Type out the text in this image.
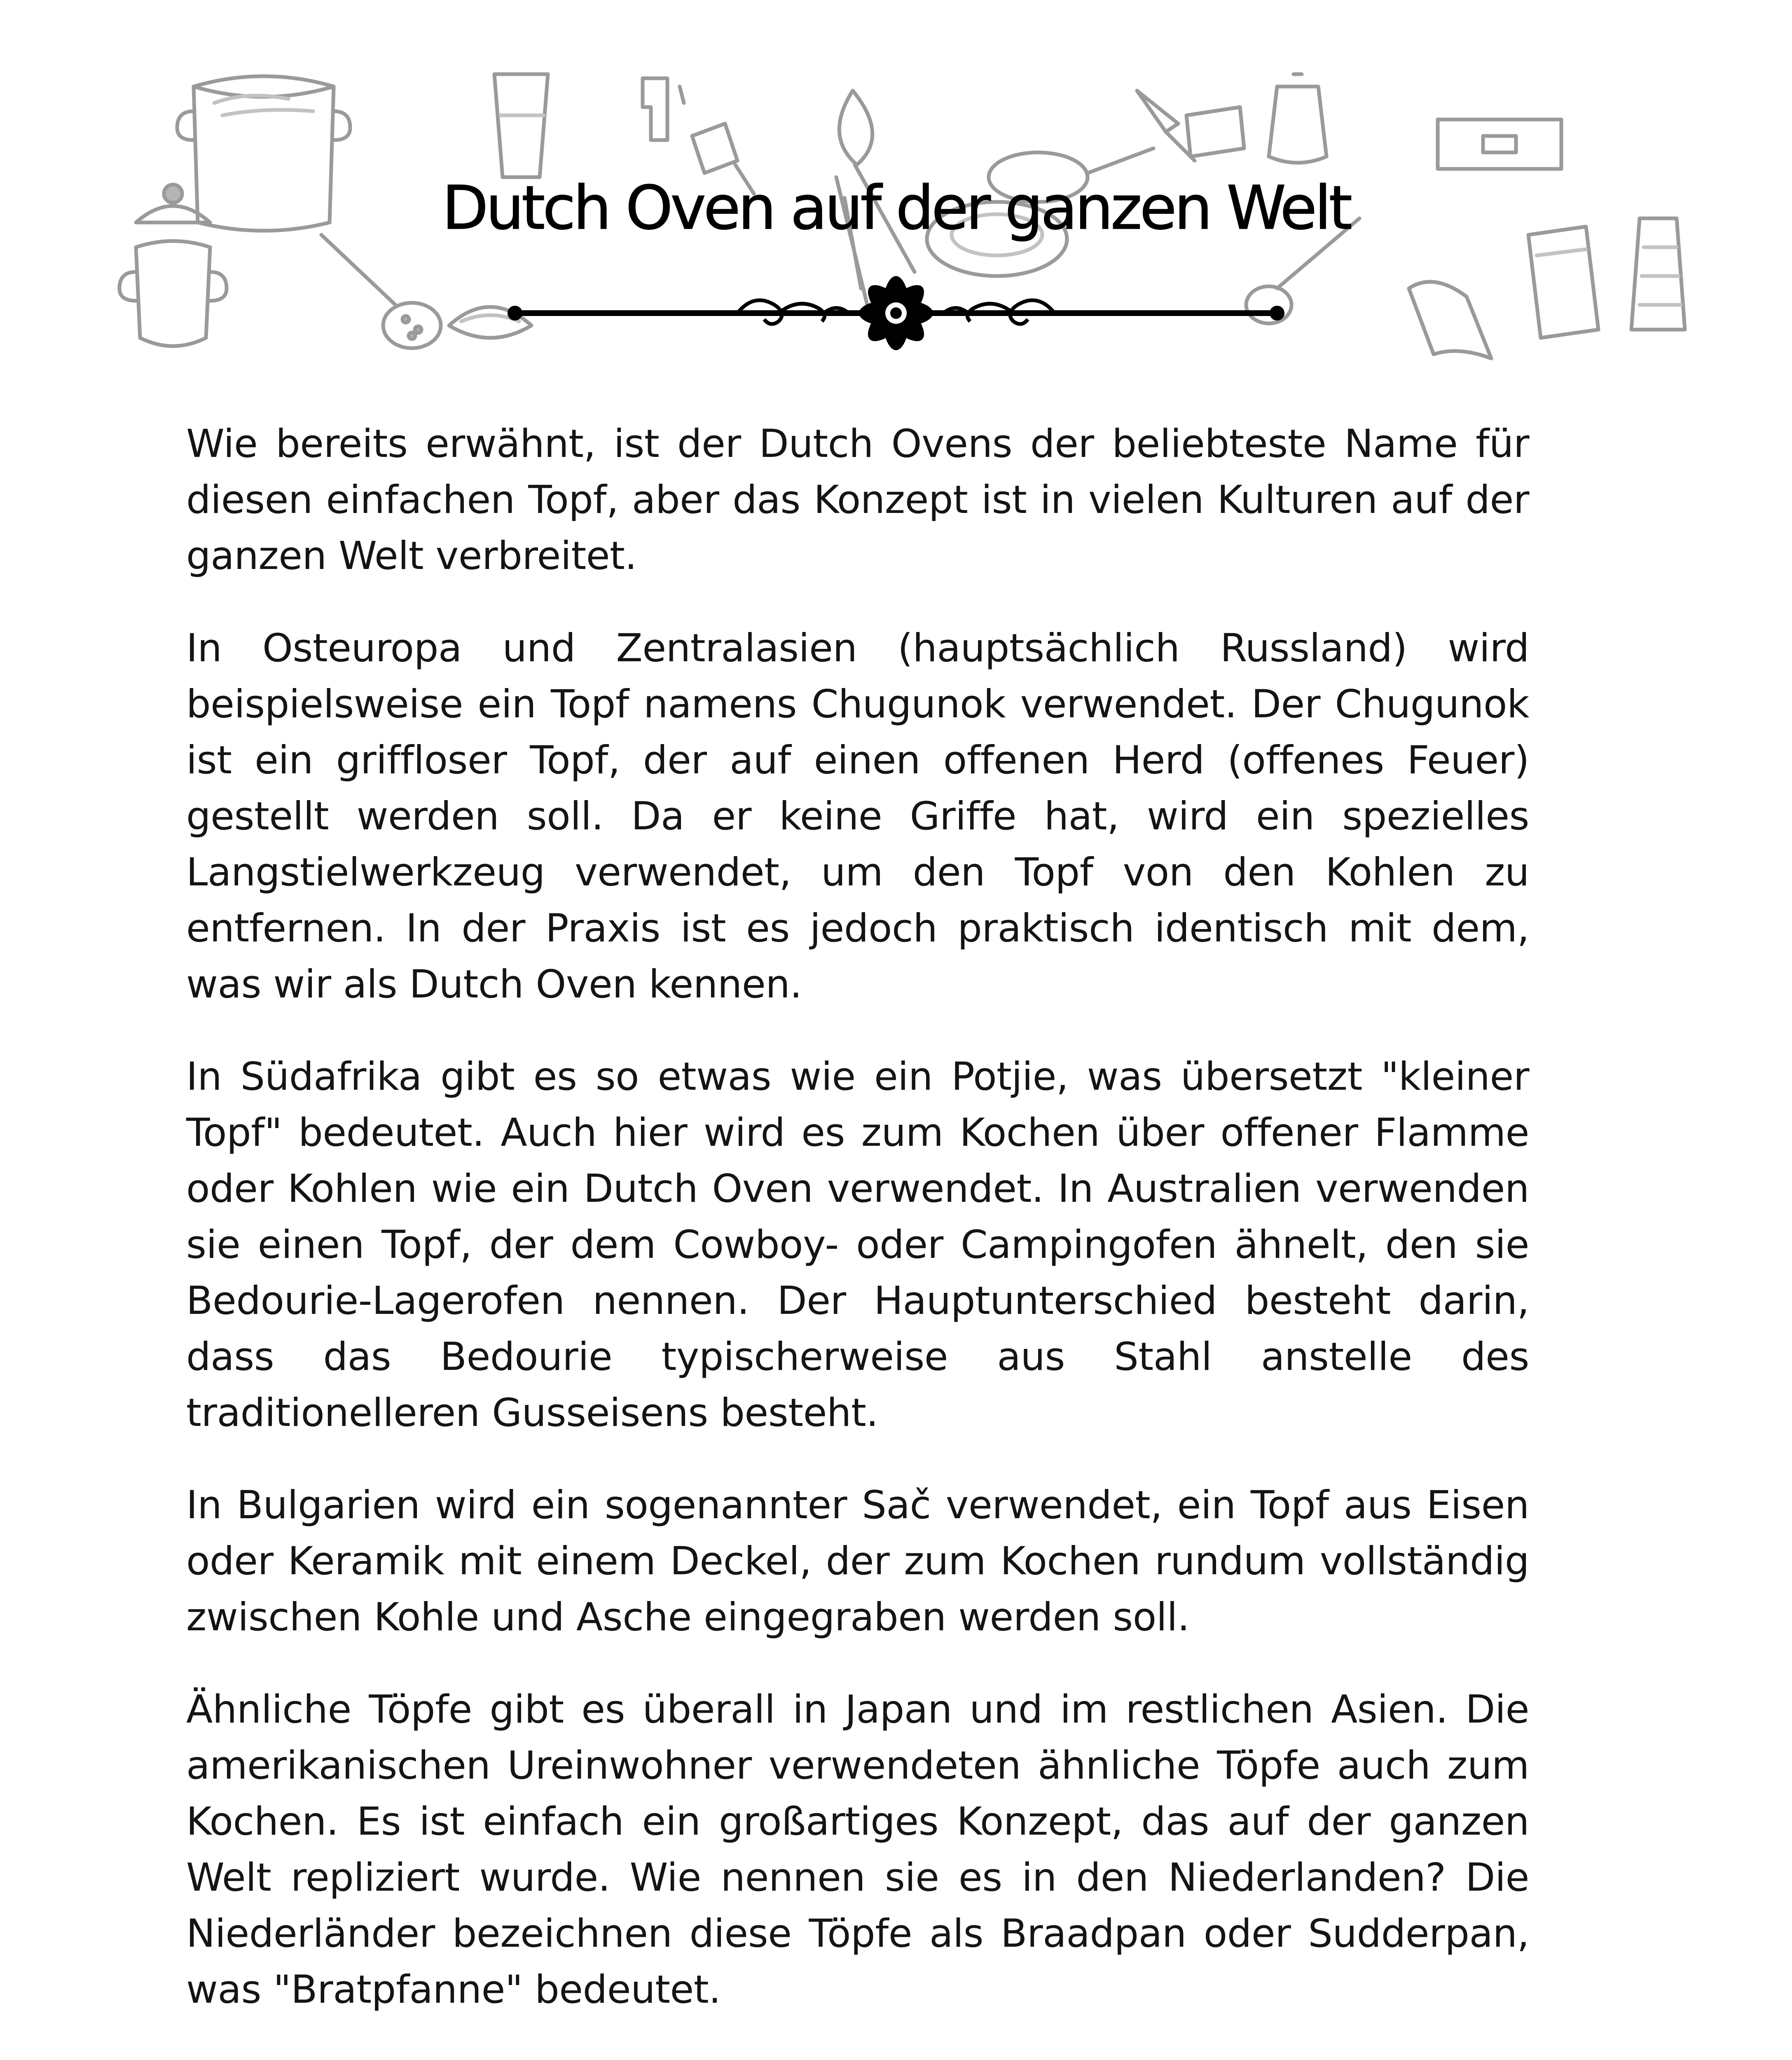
Dutch Oven auf der ganzen Welt

Wie bereits erwähnt, ist der Dutch Ovens der beliebteste Name für diesen einfachen Topf, aber das Konzept ist in vielen Kulturen auf der ganzen Welt verbreitet.

In Osteuropa und Zentralasien (hauptsächlich Russland) wird beispielsweise ein Topf namens Chugunok verwendet. Der Chugunok ist ein griffloser Topf, der auf einen offenen Herd (offenes Feuer) gestellt werden soll. Da er keine Griffe hat, wird ein spezielles Langstielwerkzeug verwendet, um den Topf von den Kohlen zu entfernen. In der Praxis ist es jedoch praktisch identisch mit dem, was wir als Dutch Oven kennen.

In Südafrika gibt es so etwas wie ein Potjie, was übersetzt "kleiner Topf" bedeutet. Auch hier wird es zum Kochen über offener Flamme oder Kohlen wie ein Dutch Oven verwendet. In Australien verwenden sie einen Topf, der dem Cowboy- oder Campingofen ähnelt, den sie Bedourie-Lagerofen nennen. Der Hauptunterschied besteht darin, dass das Bedourie typischerweise aus Stahl anstelle des traditionelleren Gusseisens besteht.

In Bulgarien wird ein sogenannter Sač verwendet, ein Topf aus Eisen oder Keramik mit einem Deckel, der zum Kochen rundum vollständig zwischen Kohle und Asche eingegraben werden soll.

Ähnliche Töpfe gibt es überall in Japan und im restlichen Asien. Die amerikanischen Ureinwohner verwendeten ähnliche Töpfe auch zum Kochen. Es ist einfach ein großartiges Konzept, das auf der ganzen Welt repliziert wurde. Wie nennen sie es in den Niederlanden? Die Niederländer bezeichnen diese Töpfe als Braadpan oder Sudderpan, was "Bratpfanne" bedeutet.
